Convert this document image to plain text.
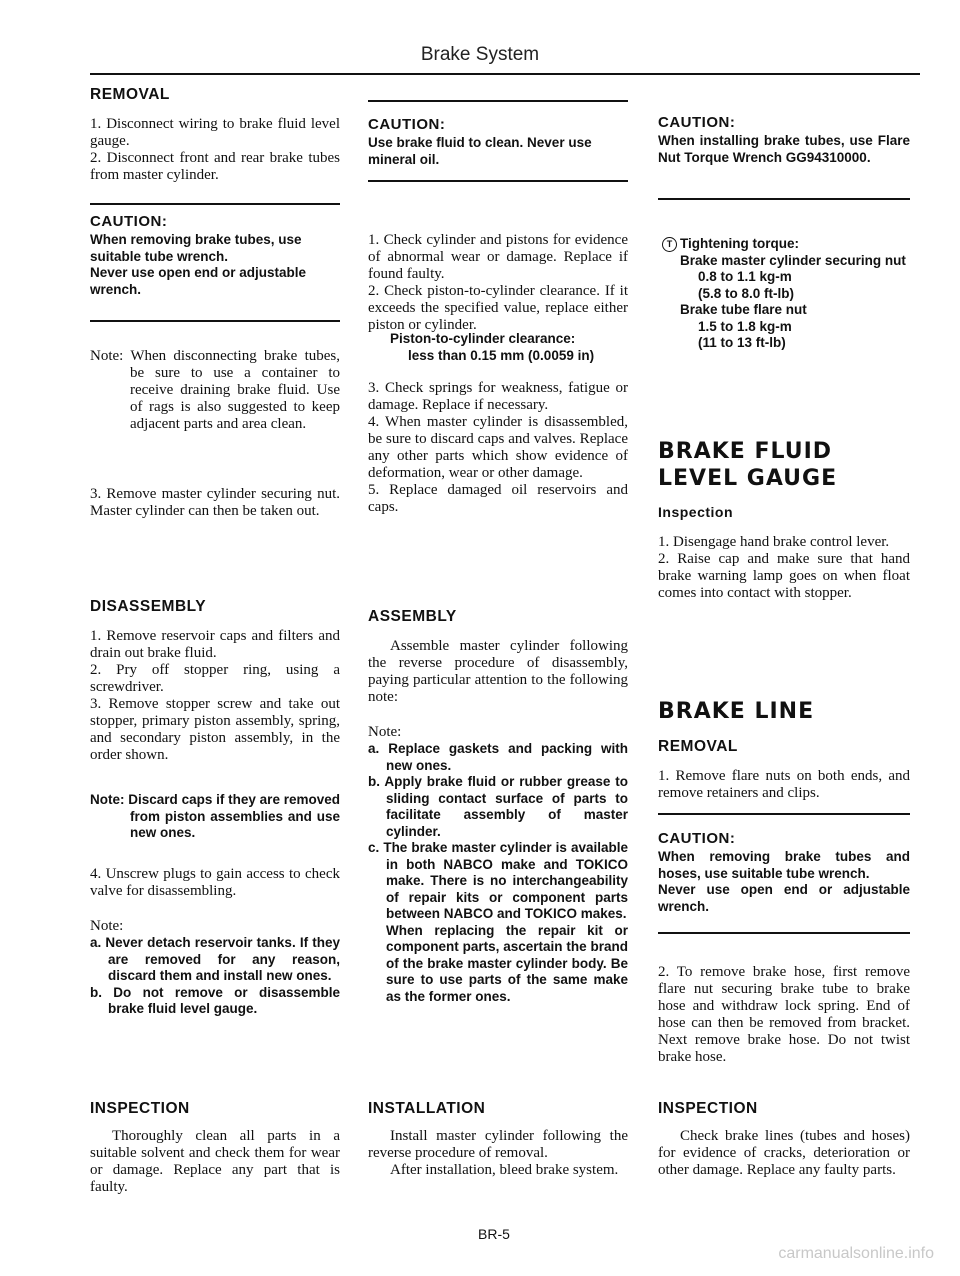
Brake System
REMOVAL

1. Disconnect wiring to brake fluid level gauge.

2. Disconnect front and rear brake tubes from master cylinder.

CAUTION:

When removing brake tubes, use suitable tube wrench.

Never use open end or adjustable wrench.

Note: When disconnecting brake tubes, be sure to use a container to receive draining brake fluid. Use of rags is also suggested to keep adjacent parts and area clean.

3. Remove master cylinder securing nut. Master cylinder can then be taken out.

DISASSEMBLY

1. Remove reservoir caps and filters and drain out brake fluid.

2. Pry off stopper ring, using a screwdriver.

3. Remove stopper screw and take out stopper, primary piston assembly, spring, and secondary piston assembly, in the order shown.

Note: Discard caps if they are removed from piston assemblies and use new ones.

4. Unscrew plugs to gain access to check valve for disassembling.

Note:

a. Never detach reservoir tanks. If they are removed for any reason, discard them and install new ones.

b. Do not remove or disassemble brake fluid level gauge.

INSPECTION

Thoroughly clean all parts in a suitable solvent and check them for wear or damage. Replace any part that is faulty.

CAUTION:

Use brake fluid to clean. Never use mineral oil.

1. Check cylinder and pistons for evidence of abnormal wear or damage. Replace if found faulty.

2. Check piston-to-cylinder clearance. If it exceeds the specified value, replace either piston or cylinder.

Piston-to-cylinder clearance:

less than 0.15 mm (0.0059 in)

3. Check springs for weakness, fatigue or damage. Replace if necessary.

4. When master cylinder is disassembled, be sure to discard caps and valves. Replace any other parts which show evidence of deformation, wear or other damage.

5. Replace damaged oil reservoirs and caps.

ASSEMBLY

Assemble master cylinder following the reverse procedure of disassembly, paying particular attention to the following note:

Note:

a. Replace gaskets and packing with new ones.

b. Apply brake fluid or rubber grease to sliding contact surface of parts to facilitate assembly of master cylinder.

c. The brake master cylinder is available in both NABCO make and TOKICO make. There is no interchangeability of repair kits or component parts between NABCO and TOKICO makes.

When replacing the repair kit or component parts, ascertain the brand of the brake master cylinder body. Be sure to use parts of the same make as the former ones.

INSTALLATION

Install master cylinder following the reverse procedure of removal.

After installation, bleed brake system.

BR-5
CAUTION:

When installing brake tubes, use Flare Nut Torque Wrench GG94310000.

T Tightening torque:

Brake master cylinder securing nut

0.8 to 1.1 kg-m

(5.8 to 8.0 ft-lb)

Brake tube flare nut

1.5 to 1.8 kg-m

(11 to 13 ft-lb)

BRAKE FLUID
LEVEL GAUGE
Inspection

1. Disengage hand brake control lever.

2. Raise cap and make sure that hand brake warning lamp goes on when float comes into contact with stopper.

BRAKE LINE
REMOVAL

1. Remove flare nuts on both ends, and remove retainers and clips.

CAUTION:

When removing brake tubes and hoses, use suitable tube wrench.

Never use open end or adjustable wrench.

2. To remove brake hose, first remove flare nut securing brake tube to brake hose and withdraw lock spring. End of hose can then be removed from bracket. Next remove brake hose. Do not twist brake hose.

INSPECTION

Check brake lines (tubes and hoses) for evidence of cracks, deterioration or other damage. Replace any faulty parts.

carmanualsonline.info
